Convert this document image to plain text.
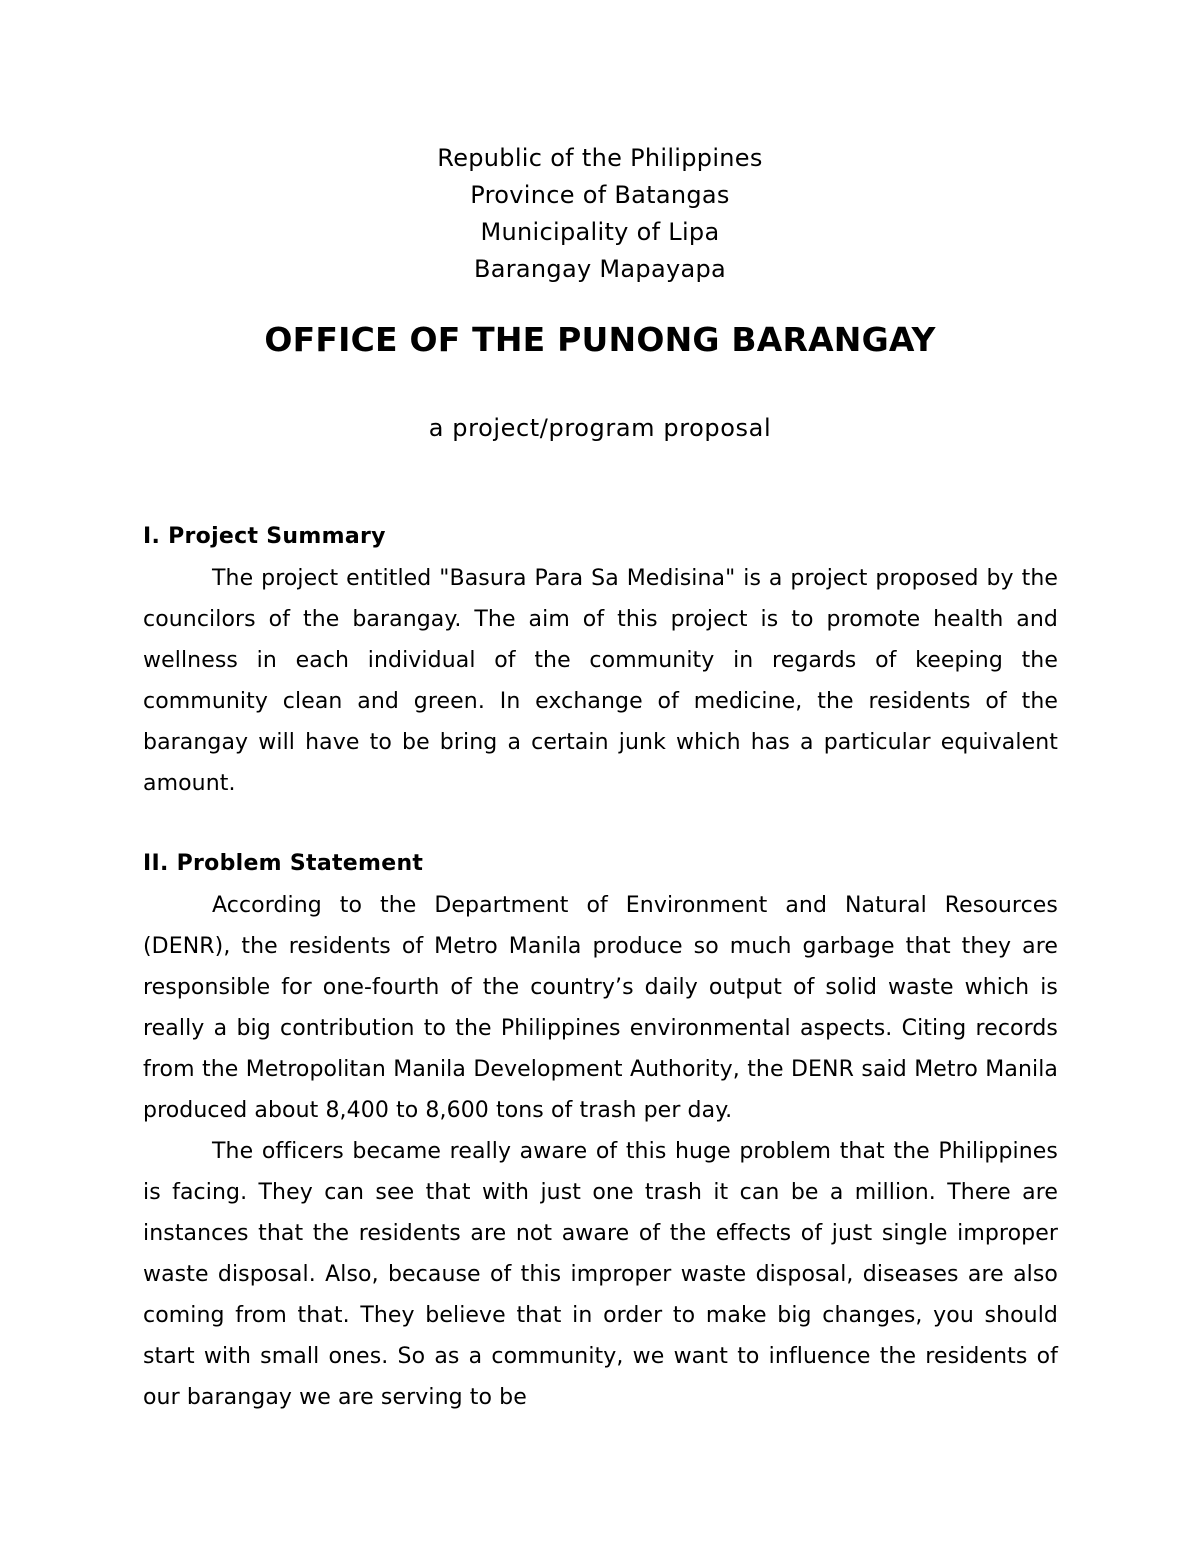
Republic of the Philippines
Province of Batangas
Municipality of Lipa
Barangay Mapayapa
OFFICE OF THE PUNONG BARANGAY
a project/program proposal
I. Project Summary

The project entitled "Basura Para Sa Medisina" is a project proposed by the councilors of the barangay. The aim of this project is to promote health and wellness in each individual of the community in regards of keeping the community clean and green. In exchange of medicine, the residents of the barangay will have to be bring a certain junk which has a particular equivalent amount.

II. Problem Statement

According to the Department of Environment and Natural Resources (DENR), the residents of Metro Manila produce so much garbage that they are responsible for one-fourth of the country’s daily output of solid waste which is really a big contribution to the Philippines environmental aspects. Citing records from the Metropolitan Manila Development Authority, the DENR said Metro Manila produced about 8,400 to 8,600 tons of trash per day.

The officers became really aware of this huge problem that the Philippines is facing. They can see that with just one trash it can be a million. There are instances that the residents are not aware of the effects of just single improper waste disposal. Also, because of this improper waste disposal, diseases are also coming from that. They believe that in order to make big changes, you should start with small ones. So as a community, we want to influence the residents of our barangay we are serving to be
